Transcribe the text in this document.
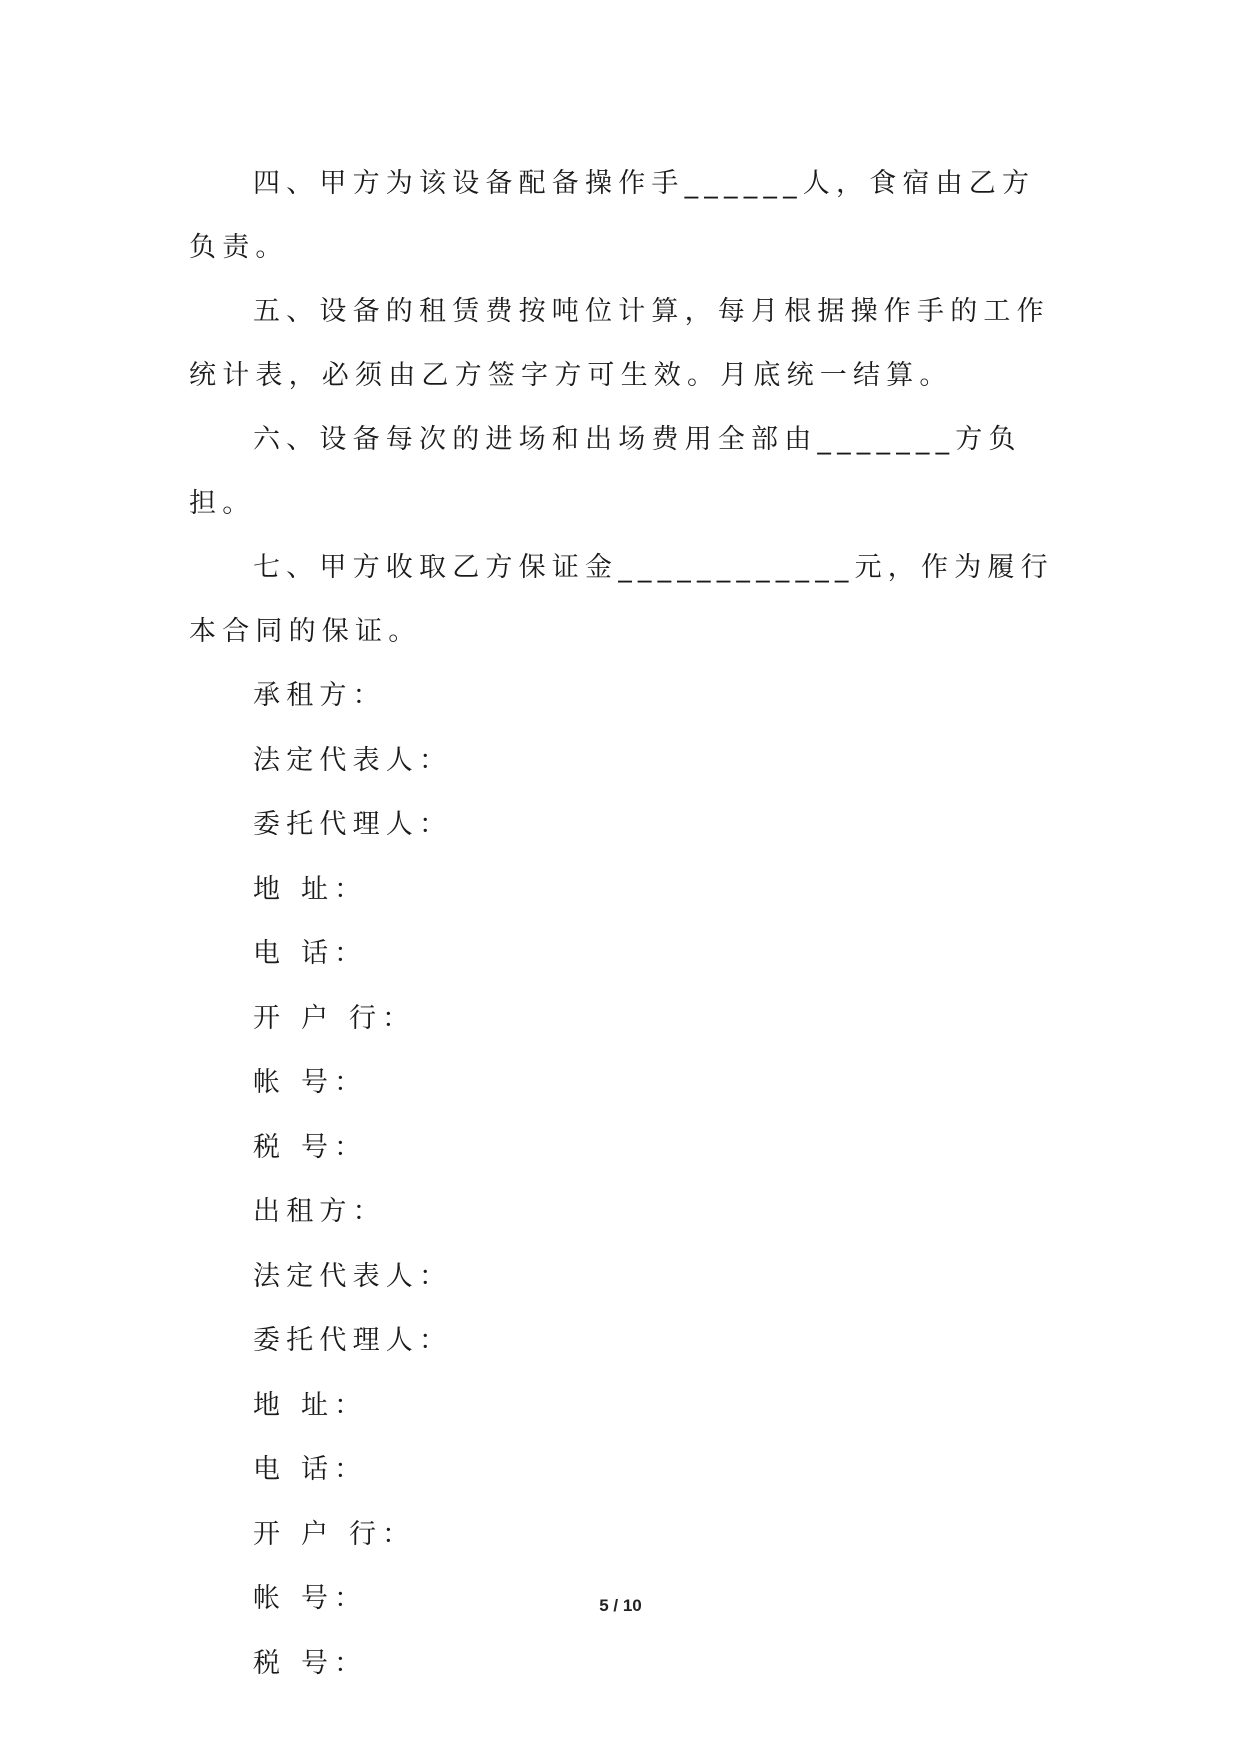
四、甲方为该设备配备操作手______人，食宿由乙方负责。

五、设备的租赁费按吨位计算，每月根据操作手的工作统计表，必须由乙方签字方可生效。月底统一结算。

六、设备每次的进场和出场费用全部由_______方负担。

七、甲方收取乙方保证金____________元，作为履行本合同的保证。

承租方：

法定代表人：

委托代理人：

地 址：

电 话：

开 户 行：

帐 号：

税 号：

出租方：

法定代表人：

委托代理人：

地 址：

电 话：

开 户 行：

帐 号：

税 号：

5 / 10
